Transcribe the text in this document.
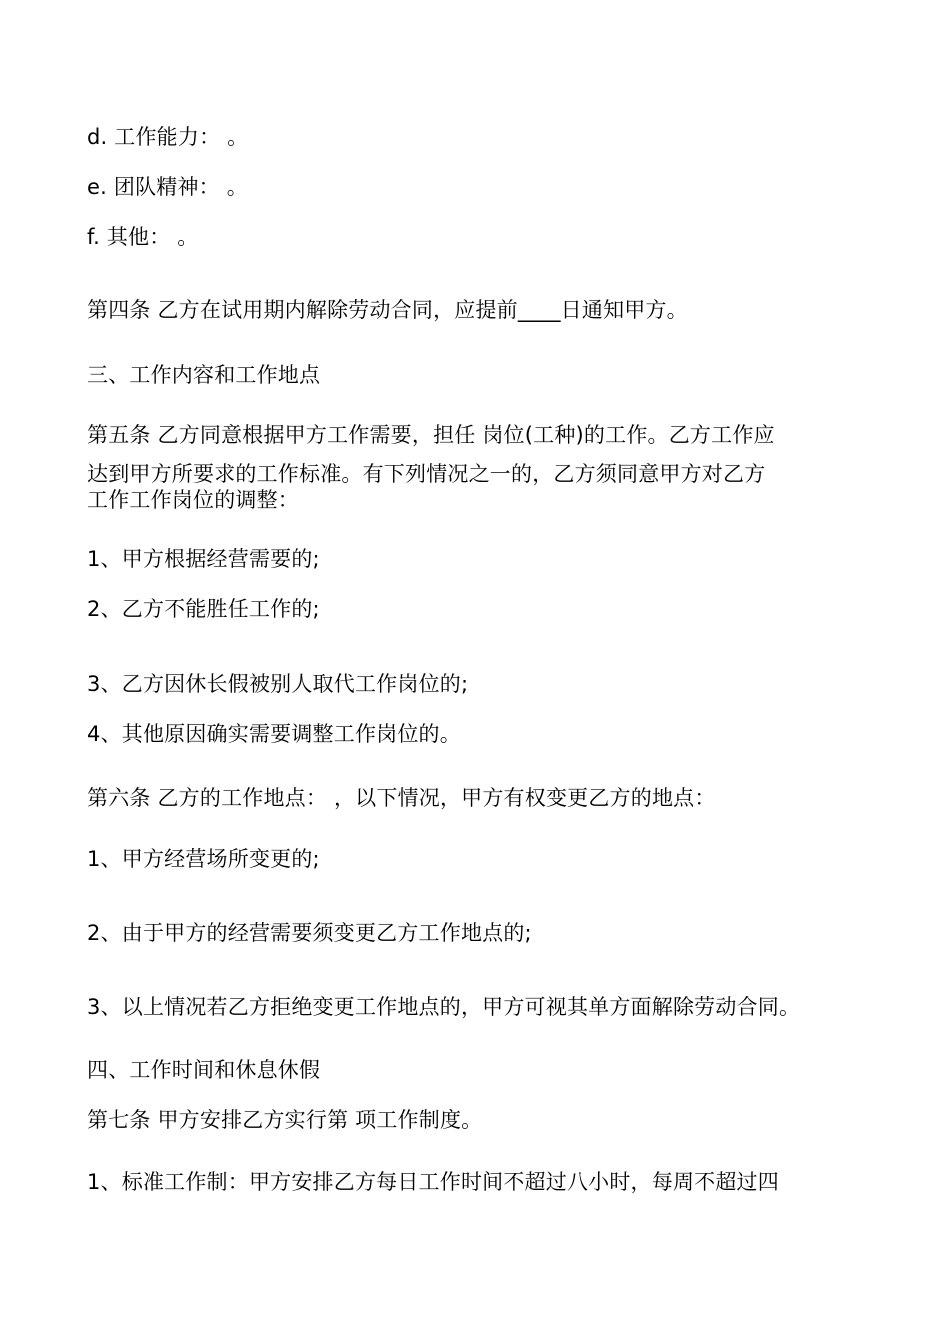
d. 工作能力： 。
e. 团队精神： 。
f. 其他： 。
第四条 乙方在试用期内解除劳动合同，应提前____日通知甲方。
三、工作内容和工作地点
第五条 乙方同意根据甲方工作需要，担任 岗位(工种)的工作。乙方工作应
达到甲方所要求的工作标准。有下列情况之一的，乙方须同意甲方对乙方
工作工作岗位的调整：
1、甲方根据经营需要的;
2、乙方不能胜任工作的;
3、乙方因休长假被别人取代工作岗位的;
4、其他原因确实需要调整工作岗位的。
第六条 乙方的工作地点： ，以下情况，甲方有权变更乙方的地点：
1、甲方经营场所变更的;
2、由于甲方的经营需要须变更乙方工作地点的;
3、以上情况若乙方拒绝变更工作地点的，甲方可视其单方面解除劳动合同。
四、工作时间和休息休假
第七条 甲方安排乙方实行第 项工作制度。
1、标准工作制：甲方安排乙方每日工作时间不超过八小时，每周不超过四
